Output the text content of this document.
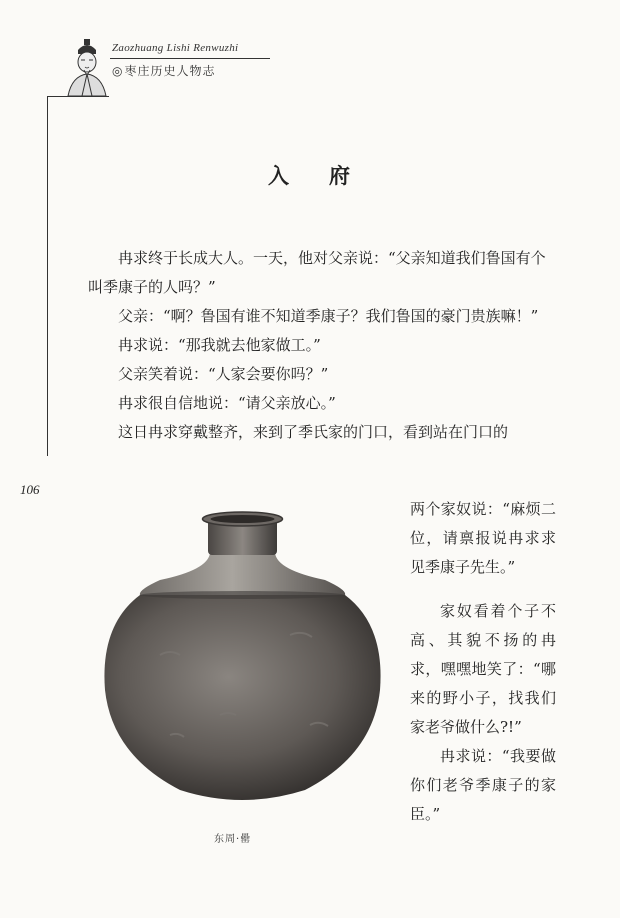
Zaozhuang Lishi Renwuzhi
◎枣庄历史人物志
入 府

冉求终于长成大人。一天，他对父亲说：“父亲知道我们鲁国有个叫季康子的人吗？”

父亲：“啊？鲁国有谁不知道季康子？我们鲁国的豪门贵族嘛！”

冉求说：“那我就去他家做工。”

父亲笑着说：“人家会要你吗？”

冉求很自信地说：“请父亲放心。”

这日冉求穿戴整齐，来到了季氏家的门口，看到站在门口的

106

两个家奴说：“麻烦二位，请禀报说冉求求见季康子先生。”

家奴看着个子不高、其貌不扬的冉求，嘿嘿地笑了：“哪来的野小子，找我们家老爷做什么?!”

冉求说：“我要做你们老爷季康子的家臣。”

东周·罍
